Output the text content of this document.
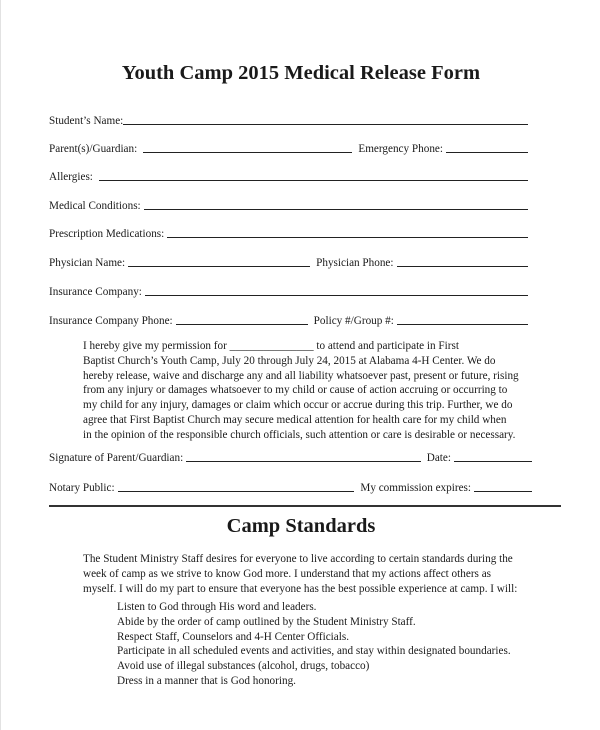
Youth Camp 2015 Medical Release Form
Student’s Name:
Parent(s)/Guardian:	Emergency Phone:
Allergies:
Medical Conditions:
Prescription Medications:
Physician Name:	Physician Phone:
Insurance Company:
Insurance Company Phone:	Policy #/Group #:

I hereby give my permission for _______________ to attend and participate in First
Baptist Church’s Youth Camp, July 20 through July 24, 2015 at Alabama 4-H Center. We do
hereby release, waive and discharge any and all liability whatsoever past, present or future, rising
from any injury or damages whatsoever to my child or cause of action accruing or occurring to
my child for any injury, damages or claim which occur or accrue during this trip. Further, we do
agree that First Baptist Church may secure medical attention for health care for my child when
in the opinion of the responsible church officials, such attention or care is desirable or necessary.

Signature of Parent/Guardian:	Date:
Notary Public:	My commission expires:
Camp Standards

The Student Ministry Staff desires for everyone to live according to certain standards during the
week of camp as we strive to know God more. I understand that my actions affect others as
myself. I will do my part to ensure that everyone has the best possible experience at camp. I will:

Listen to God through His word and leaders.
Abide by the order of camp outlined by the Student Ministry Staff.
Respect Staff, Counselors and 4-H Center Officials.
Participate in all scheduled events and activities, and stay within designated boundaries.
Avoid use of illegal substances (alcohol, drugs, tobacco)
Dress in a manner that is God honoring.
